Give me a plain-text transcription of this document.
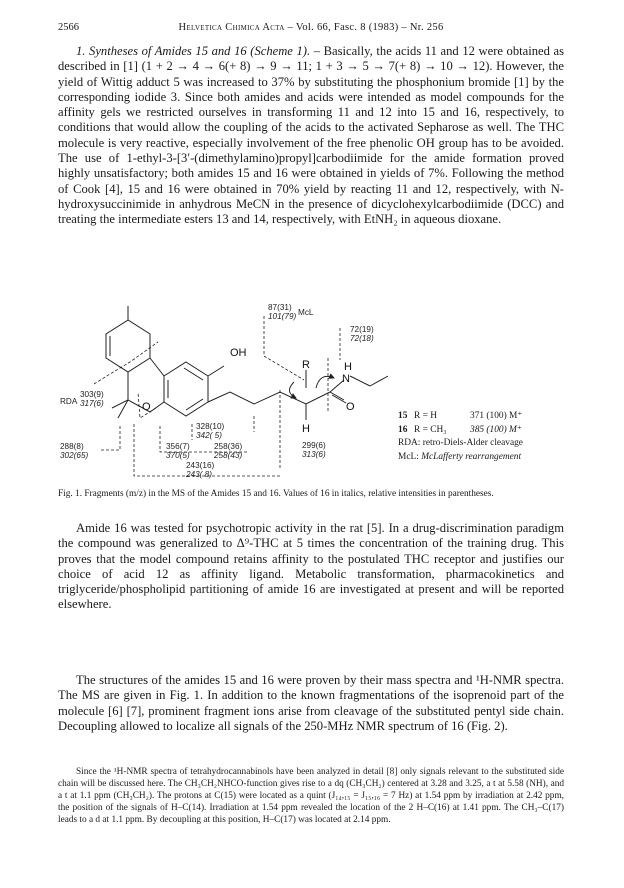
2566	Helvetica Chimica Acta – Vol. 66, Fasc. 8 (1983) – Nr. 256

1. Syntheses of Amides 15 and 16 (Scheme 1). – Basically, the acids 11 and 12 were obtained as described in [1] (1 + 2 → 4 → 6(+ 8) → 9 → 11; 1 + 3 → 5 → 7(+ 8) → 10 → 12). However, the yield of Wittig adduct 5 was increased to 37% by substituting the phosphonium bromide [1] by the corresponding iodide 3. Since both amides and acids were intended as model compounds for the affinity gels we restricted ourselves in transforming 11 and 12 into 15 and 16, respectively, to conditions that would allow the coupling of the acids to the activated Sepharose as well. The THC molecule is very reactive, especially involvement of the free phenolic OH group has to be avoided. The use of 1-ethyl-3-[3′-(dimethylamino)propyl]carbodiimide for the amide formation proved highly unsatisfactory; both amides 15 and 16 were obtained in yields of 7%. Following the method of Cook [4], 15 and 16 were obtained in 70% yield by reacting 11 and 12, respectively, with N-hydroxysuccinimide in anhydrous MeCN in the presence of dicyclohexylcarbodiimide (DCC) and treating the intermediate esters 13 and 14, respectively, with EtNH₂ in aqueous dioxane.

OH
R	H
N
O
H
O
87(31)
101(79) McL
72(19)
72(18)
RDA
303(9)
317(6)
288(8)
302(65)
328(10)
342( 5)
356(7)
370(5)
258(36)
258(43)
299(6)
313(6)
243(16)
243( 8)
15 R = H	371 (100) M⁺
16 R = CH₃ 385 (100) M⁺
RDA: retro-Diels-Alder cleavage
McL: McLafferty rearrangement
Fig. 1. Fragments (m/z) in the MS of the Amides 15 and 16. Values of 16 in italics, relative intensities in parentheses.

Amide 16 was tested for psychotropic activity in the rat [5]. In a drug-discrimination paradigm the compound was generalized to Δ⁹-THC at 5 times the concentration of the training drug. This proves that the model compound retains affinity to the postulated THC receptor and justifies our choice of acid 12 as affinity ligand. Metabolic transformation, pharmacokinetics and triglyceride/phospholipid partitioning of amide 16 are investigated at present and will be reported elsewhere.

The structures of the amides 15 and 16 were proven by their mass spectra and ¹H-NMR spectra. The MS are given in Fig. 1. In addition to the known fragmentations of the isoprenoid part of the molecule [6] [7], prominent fragment ions arise from cleavage of the substituted pentyl side chain. Decoupling allowed to localize all signals of the 250-MHz NMR spectrum of 16 (Fig. 2).

Since the ¹H-NMR spectra of tetrahydrocannabinols have been analyzed in detail [8] only signals relevant to the substituted side chain will be discussed here. The CH₃CH₂NHCO-function gives rise to a dq (CH₃CH₂) centered at 3.28 and 3.25, a t at 5.58 (NH), and a t at 1.1 ppm (CH₃CH₂). The protons at C(15) were located as a quint (J₁₄,₁₅ = J₁₅,₁₆ = 7 Hz) at 1.54 ppm by irradiation at 2.42 ppm, the position of the signals of H–C(14). Irradiation at 1.54 ppm revealed the location of the 2 H–C(16) at 1.41 ppm. The CH₃–C(17) leads to a d at 1.1 ppm. By decoupling at this position, H–C(17) was located at 2.14 ppm.
